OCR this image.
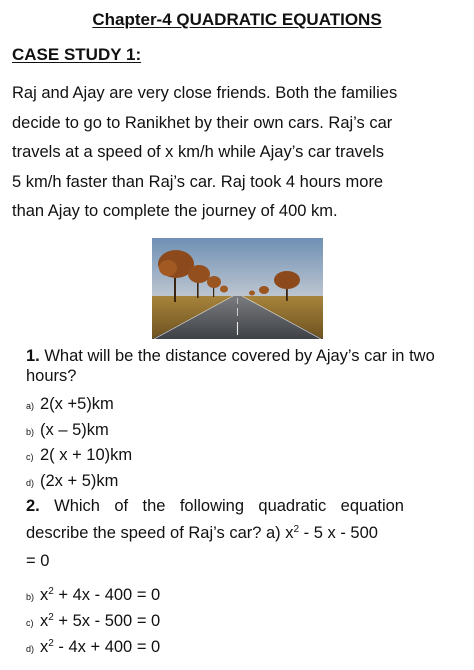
Chapter-4 QUADRATIC EQUATIONS
CASE STUDY 1:
Raj and Ajay are very close friends. Both the families
decide to go to Ranikhet by their own cars. Raj’s car
travels at a speed of x km/h while Ajay’s car travels
5 km/h faster than Raj’s car. Raj took 4 hours more
than Ajay to complete the journey of 400 km.
1. What will be the distance covered by Ajay’s car in two hours?
a) 2(x +5)km
b) (x – 5)km
c) 2( x + 10)km
d) (2x + 5)km
2. Which of the following quadratic equation
describe the speed of Raj’s car? a) $x^2 - 5$ x - 500
= 0
b) $x^2 + 4x - 400 = 0$
c) $x^2 + 5x - 500 = 0$
d) $x^2 - 4x + 400 = 0$
